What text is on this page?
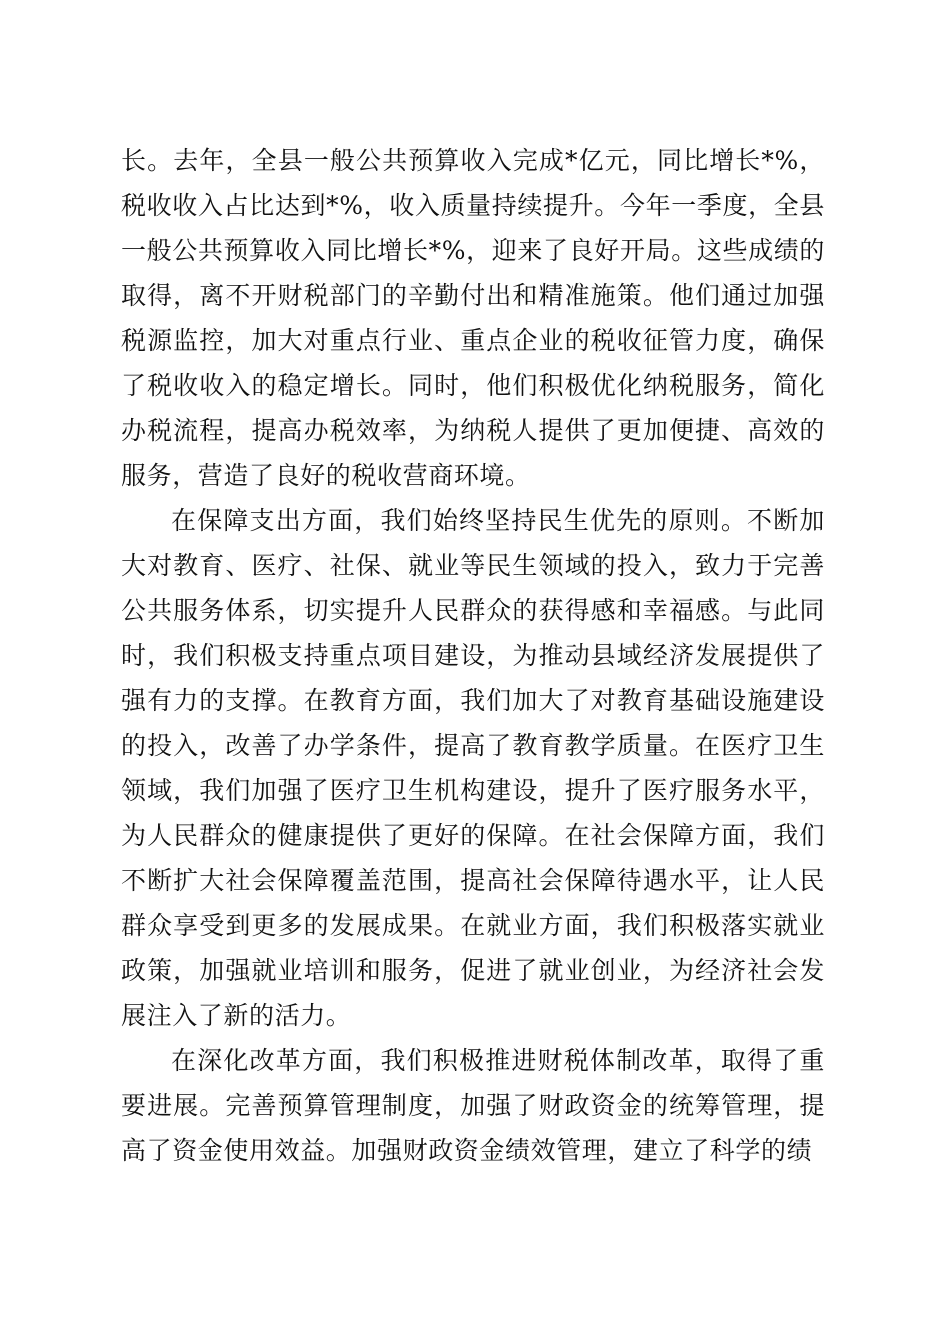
长。去年，全县一般公共预算收入完成*亿元，同比增长*%，税收收入占比达到*%，收入质量持续提升。今年一季度，全县一般公共预算收入同比增长*%，迎来了良好开局。这些成绩的取得，离不开财税部门的辛勤付出和精准施策。他们通过加强税源监控，加大对重点行业、重点企业的税收征管力度，确保了税收收入的稳定增长。同时，他们积极优化纳税服务，简化办税流程，提高办税效率，为纳税人提供了更加便捷、高效的服务，营造了良好的税收营商环境。

在保障支出方面，我们始终坚持民生优先的原则。不断加大对教育、医疗、社保、就业等民生领域的投入，致力于完善公共服务体系，切实提升人民群众的获得感和幸福感。与此同时，我们积极支持重点项目建设，为推动县域经济发展提供了强有力的支撑。在教育方面，我们加大了对教育基础设施建设的投入，改善了办学条件，提高了教育教学质量。在医疗卫生领域，我们加强了医疗卫生机构建设，提升了医疗服务水平，为人民群众的健康提供了更好的保障。在社会保障方面，我们不断扩大社会保障覆盖范围，提高社会保障待遇水平，让人民群众享受到更多的发展成果。在就业方面，我们积极落实就业政策，加强就业培训和服务，促进了就业创业，为经济社会发展注入了新的活力。

在深化改革方面，我们积极推进财税体制改革，取得了重要进展。完善预算管理制度，加强了财政资金的统筹管理，提高了资金使用效益。加强财政资金绩效管理，建立了科学的绩
